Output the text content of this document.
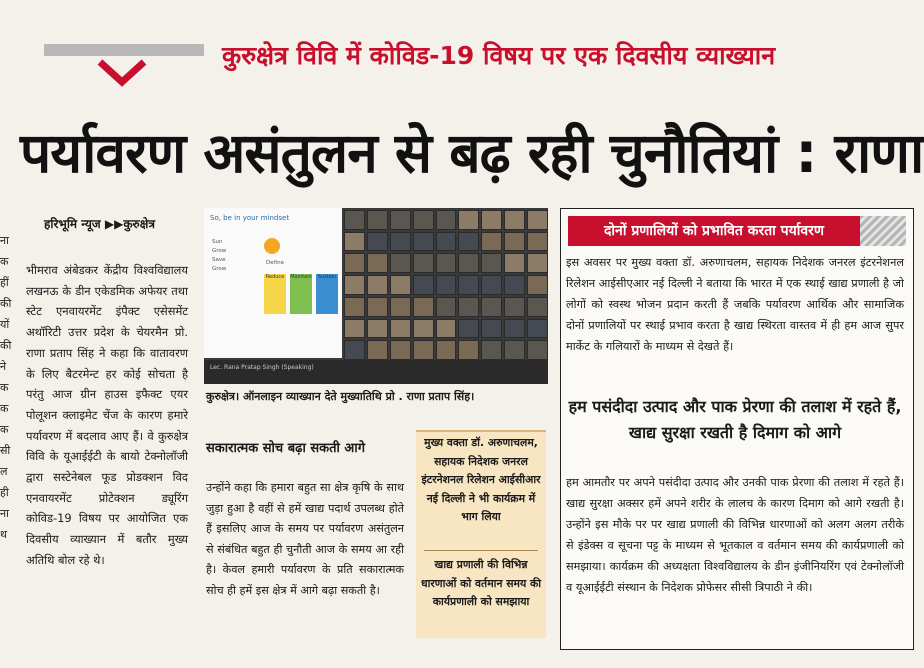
ना
क
हीं
की
यों
की
ने
क
क
क
सी
ल
ही
ना
थ
कुरुक्षेत्र विवि में कोविड-19 विषय पर एक दिवसीय व्याख्यान
पर्यावरण असंतुलन से बढ़ रही चुनौतियां : राणा
हरिभूमि न्यूज ▶▶कुरुक्षेत्र
भीमराव अंबेडकर केंद्रीय विश्वविद्यालय लखनऊ के डीन एकेडमिक अफेयर तथा स्टेट एनवायरमेंट इंपैक्ट एसेसमेंट अथॉरिटी उत्तर प्रदेश के चेयरमैन प्रो. राणा प्रताप सिंह ने कहा कि वातावरण के लिए बैटरमेन्ट हर कोई सोचता है परंतु आज ग्रीन हाउस इफैक्ट एयर पोलूशन क्लाइमेट चेंज के कारण हमारे पर्यावरण में बदलाव आए हैं। वे कुरुक्षेत्र विवि के यूआईईटी के बायो टेक्नोलॉजी द्वारा सस्टेनेबल फूड प्रोडक्शन विद एनवायरमेंट प्रोटेक्शन ड्यूरिंग कोविड-19 विषय पर आयोजित एक दिवसीय व्याख्यान में बतौर मुख्य अतिथि बोल रहे थे।
So, be in your mindset
Sun
Grow
Save
Grow
Define
Reduce	Maintain	Sustain
Lec. Rana Pratap Singh (Speaking)
कुरुक्षेत्र। ऑनलाइन व्याख्यान देते मुख्यातिथि प्रो . राणा प्रताप सिंह।
सकारात्मक सोच बढ़ा सकती आगे
उन्होंने कहा कि हमारा बहुत सा क्षेत्र कृषि के साथ जुड़ा हुआ है वहीं से हमें खाद्य पदार्थ उपलब्ध होते हैं इसलिए आज के समय पर पर्यावरण असंतुलन से संबंधित बहुत ही चुनौती आज के समय आ रही है। केवल हमारी पर्यावरण के प्रति सकारात्मक सोच ही हमें इस क्षेत्र में आगे बढ़ा सकती है।

मुख्य वक्ता डॉ. अरुणाचलम, सहायक निदेशक जनरल इंटरनेशनल रिलेशन आईसीआर नई दिल्ली ने भी कार्यक्रम में भाग लिया

खाद्य प्रणाली की विभिन्न धारणाओं को वर्तमान समय की कार्यप्रणाली को समझाया

दोनों प्रणालियों को प्रभावित करता पर्यावरण
इस अवसर पर मुख्य वक्ता डॉ. अरुणाचलम, सहायक निदेशक जनरल इंटरनेशनल रिलेशन आईसीएआर नई दिल्ली ने बताया कि भारत में एक स्थाई खाद्य प्रणाली है जो लोगों को स्वस्थ भोजन प्रदान करती हैं जबकि पर्यावरण आर्थिक और सामाजिक दोनों प्रणालियों पर स्थाई प्रभाव करता है खाद्य स्थिरता वास्तव में ही हम आज सुपर मार्केट के गलियारों के माध्यम से देखते हैं।
हम पसंदीदा उत्पाद और पाक प्रेरणा की तलाश में रहते हैं, खाद्य सुरक्षा रखती है दिमाग को आगे
हम आमतौर पर अपने पसंदीदा उत्पाद और उनकी पाक प्रेरणा की तलाश में रहते हैं। खाद्य सुरक्षा अक्सर हमें अपने शरीर के लालच के कारण दिमाग को आगे रखती है। उन्होंने इस मौके पर पर खाद्य प्रणाली की विभिन्न धारणाओं को अलग अलग तरीके से इंडेक्स व सूचना पट्ट के माध्यम से भूतकाल व वर्तमान समय की कार्यप्रणाली को समझाया। कार्यक्रम की अध्यक्षता विश्वविद्यालय के डीन इंजीनियरिंग एवं टेक्नोलॉजी व यूआईईटी संस्थान के निदेशक प्रोफेसर सीसी त्रिपाठी ने की।
